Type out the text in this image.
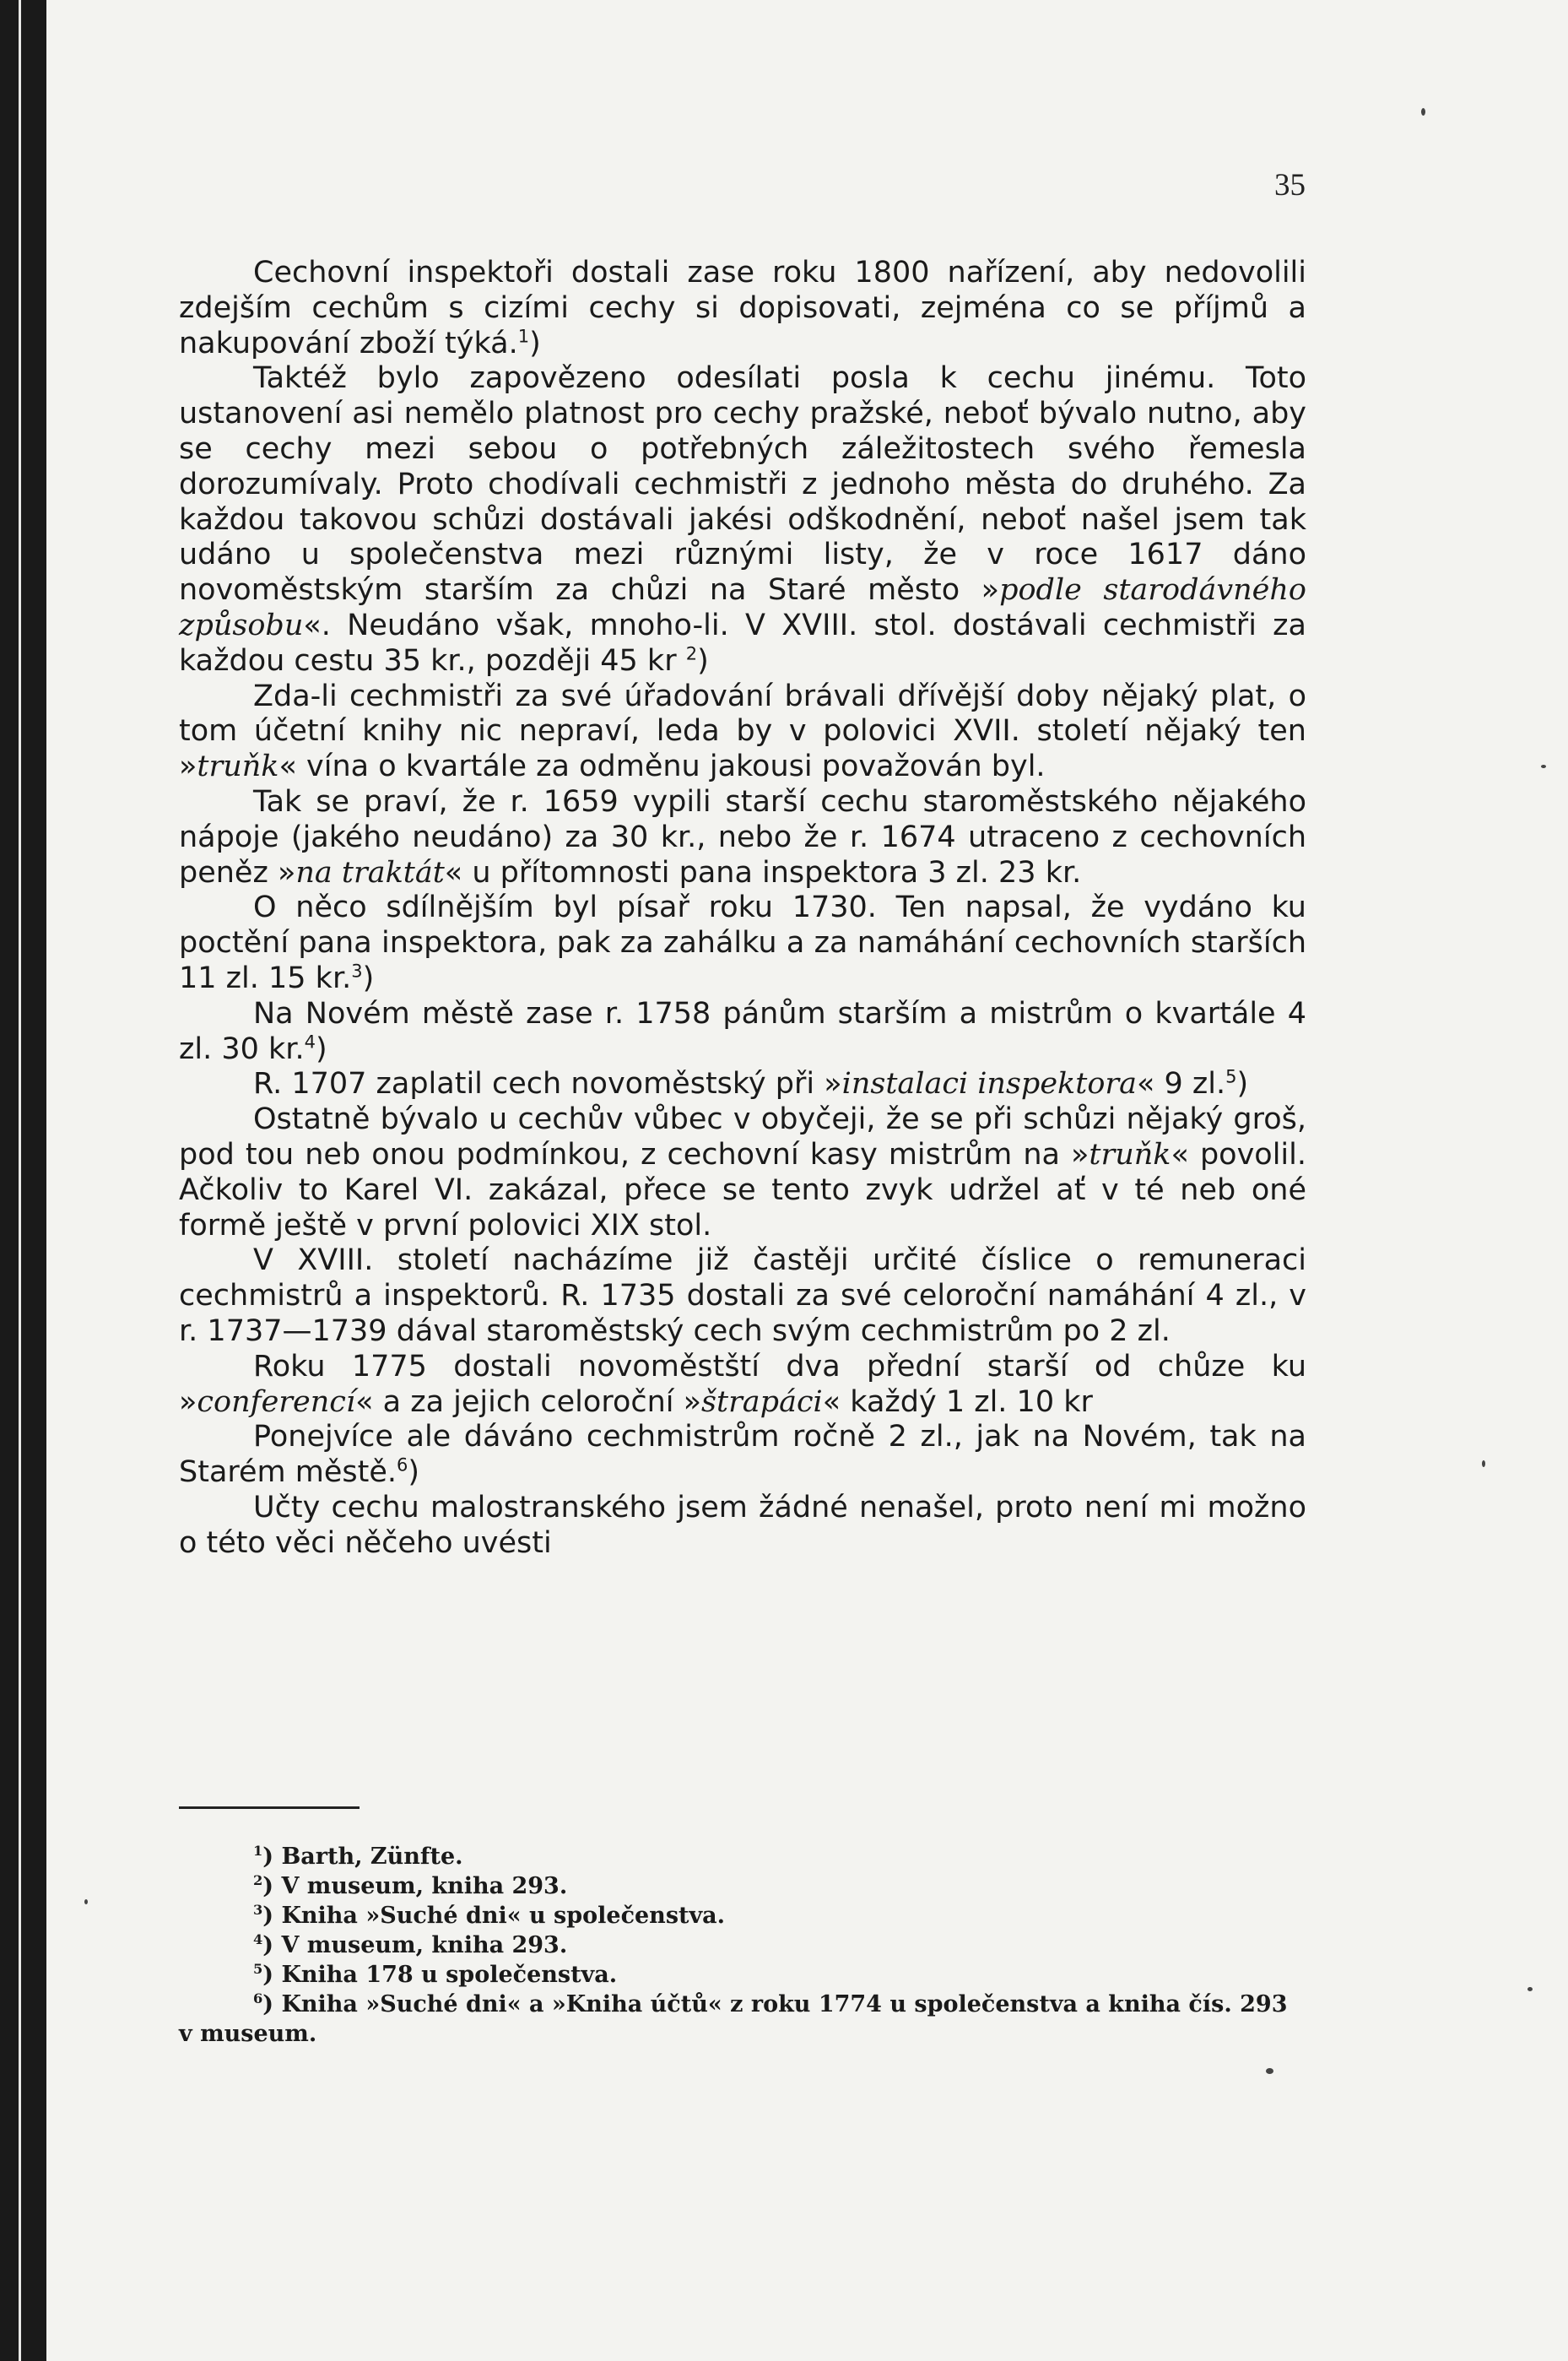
35

Cechovní inspektoři dostali zase roku 1800 nařízení, aby nedovolili zdejším cechům s cizími cechy si dopisovati, zejména co se příjmů a nakupování zboží týká.$^1$)

Taktéž bylo zapovězeno odesílati posla k cechu jinému. Toto ustanovení asi nemělo platnost pro cechy pražské, neboť bývalo nutno, aby se cechy mezi sebou o potřebných záležitostech svého řemesla dorozumívaly. Proto chodívali cechmistři z jednoho města do druhého. Za každou takovou schůzi dostávali jakési odškodnění, neboť našel jsem tak udáno u společenstva mezi různými listy, že v roce 1617 dáno novoměstským starším za chůzi na Staré město »podle starodávného způsobu«. Neudáno však, mnoho-li. V XVIII. stol. dostávali cechmistři za každou cestu 35 kr., později 45 kr $^2$)

Zda-li cechmistři za své úřadování brávali dřívější doby nějaký plat, o tom účetní knihy nic nepraví, leda by v polovici XVII. století nějaký ten »truňk« vína o kvartále za odměnu jakousi považován byl.

Tak se praví, že r. 1659 vypili starší cechu staroměstského nějakého nápoje (jakého neudáno) za 30 kr., nebo že r. 1674 utraceno z cechovních peněz »na traktát« u přítomnosti pana inspektora 3 zl. 23 kr.

O něco sdílnějším byl písař roku 1730. Ten napsal, že vydáno ku poctění pana inspektora, pak za zahálku a za namáhání cechovních starších 11 zl. 15 kr.$^3$)

Na Novém městě zase r. 1758 pánům starším a mistrům o kvartále 4 zl. 30 kr.$^4$)

R. 1707 zaplatil cech novoměstský při »instalaci inspektora« 9 zl.$^5$)

Ostatně bývalo u cechův vůbec v obyčeji, že se při schůzi nějaký groš, pod tou neb onou podmínkou, z cechovní kasy mistrům na »truňk« povolil. Ačkoliv to Karel VI. zakázal, přece se tento zvyk udržel ať v té neb oné formě ještě v první polovici XIX stol.

V XVIII. století nacházíme již častěji určité číslice o remuneraci cechmistrů a inspektorů. R. 1735 dostali za své celoroční namáhání 4 zl., v r. 1737—1739 dával staroměstský cech svým cechmistrům po 2 zl.

Roku 1775 dostali novoměstští dva přední starší od chůze ku »conferencí« a za jejich celoroční »štrapáci« každý 1 zl. 10 kr

Ponejvíce ale dáváno cechmistrům ročně 2 zl., jak na Novém, tak na Starém městě.$^6$)

Učty cechu malostranského jsem žádné nenašel, proto není mi možno o této věci něčeho uvésti

$^1$) Barth, Zünfte.

$^2$) V museum, kniha 293.

$^3$) Kniha »Suché dni« u společenstva.

$^4$) V museum, kniha 293.

$^5$) Kniha 178 u společenstva.

$^6$) Kniha »Suché dni« a »Kniha účtů« z roku 1774 u společenstva a kniha čís. 293 v museum.
